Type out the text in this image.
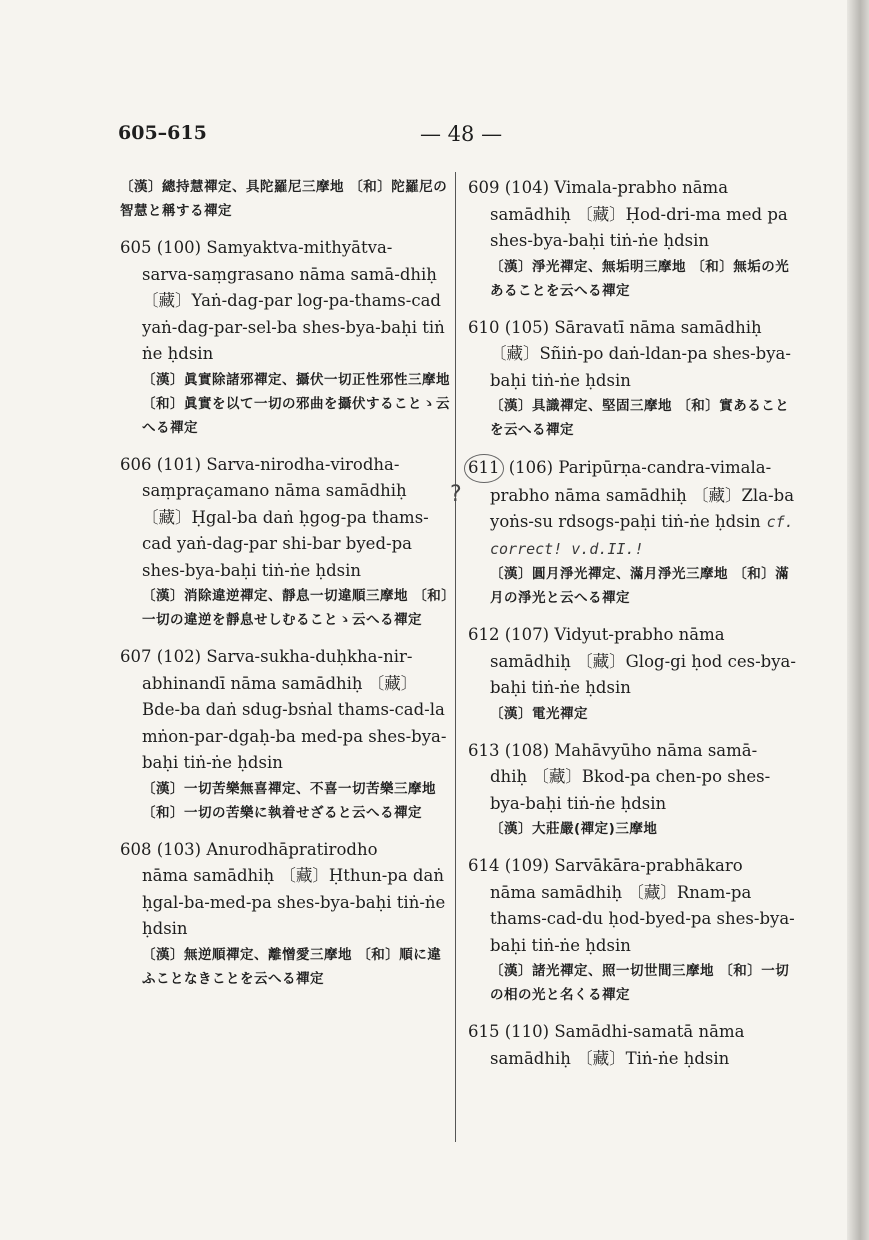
605–615	— 48 —
〔漢〕總持慧禪定、具陀羅尼三摩地 〔和〕陀羅尼の智慧と稱する禪定
605 (100) Samyaktva-mithyātva-
sarva-saṃgrasano nāma samā-dhiḥ 〔藏〕Yaṅ-dag-par log-pa-thams-cad yaṅ-dag-par-sel-ba shes-bya-baḥi tiṅ ṅe ḥdsin
〔漢〕眞實除諸邪禪定、攝伏一切正性邪性三摩地 〔和〕眞實を以て一切の邪曲を攝伏することゝ云へる禪定
606 (101) Sarva-nirodha-virodha-
saṃpraçamano nāma samādhiḥ 〔藏〕Ḥgal-ba daṅ ḥgog-pa thams-cad yaṅ-dag-par shi-bar byed-pa shes-bya-baḥi tiṅ-ṅe ḥdsin
〔漢〕消除違逆禪定、靜息一切違順三摩地 〔和〕一切の違逆を靜息せしむることゝ云へる禪定
607 (102) Sarva-sukha-duḥkha-nir-
abhinandī nāma samādhiḥ 〔藏〕Bde-ba daṅ sdug-bsṅal thams-cad-la mṅon-par-dgaḥ-ba med-pa shes-bya-baḥi tiṅ-ṅe ḥdsin
〔漢〕一切苦樂無喜禪定、不喜一切苦樂三摩地 〔和〕一切の苦樂に執着せざると云へる禪定
608 (103) Anurodhāpratirodho
nāma samādhiḥ 〔藏〕Ḥthun-pa daṅ ḥgal-ba-med-pa shes-bya-baḥi tiṅ-ṅe ḥdsin
〔漢〕無逆順禪定、離憎愛三摩地 〔和〕順に違ふことなきことを云へる禪定
609 (104) Vimala-prabho nāma
samādhiḥ 〔藏〕Ḥod-dri-ma med pa shes-bya-baḥi tiṅ-ṅe ḥdsin
〔漢〕淨光禪定、無垢明三摩地 〔和〕無垢の光あることを云へる禪定
610 (105) Sāravatī nāma samādhiḥ
〔藏〕Sñiṅ-po daṅ-ldan-pa shes-bya-baḥi tiṅ-ṅe ḥdsin
〔漢〕具識禪定、堅固三摩地 〔和〕實あることを云へる禪定
?
611 (106) Paripūrṇa-candra-vimala-
prabho nāma samādhiḥ 〔藏〕Zla-ba yoṅs-su rdsogs-paḥi tiṅ-ṅe ḥdsin cf. correct! v.d.II.!
〔漢〕圓月淨光禪定、滿月淨光三摩地 〔和〕滿月の淨光と云へる禪定
612 (107) Vidyut-prabho nāma
samādhiḥ 〔藏〕Glog-gi ḥod ces-bya-baḥi tiṅ-ṅe ḥdsin
〔漢〕電光禪定
613 (108) Mahāvyūho nāma samā-
dhiḥ 〔藏〕Bkod-pa chen-po shes-bya-baḥi tiṅ-ṅe ḥdsin
〔漢〕大莊嚴(禪定)三摩地
614 (109) Sarvākāra-prabhākaro
nāma samādhiḥ 〔藏〕Rnam-pa thams-cad-du ḥod-byed-pa shes-bya-baḥi tiṅ-ṅe ḥdsin
〔漢〕諸光禪定、照一切世間三摩地 〔和〕一切の相の光と名くる禪定
615 (110) Samādhi-samatā nāma
samādhiḥ 〔藏〕Tiṅ-ṅe ḥdsin
